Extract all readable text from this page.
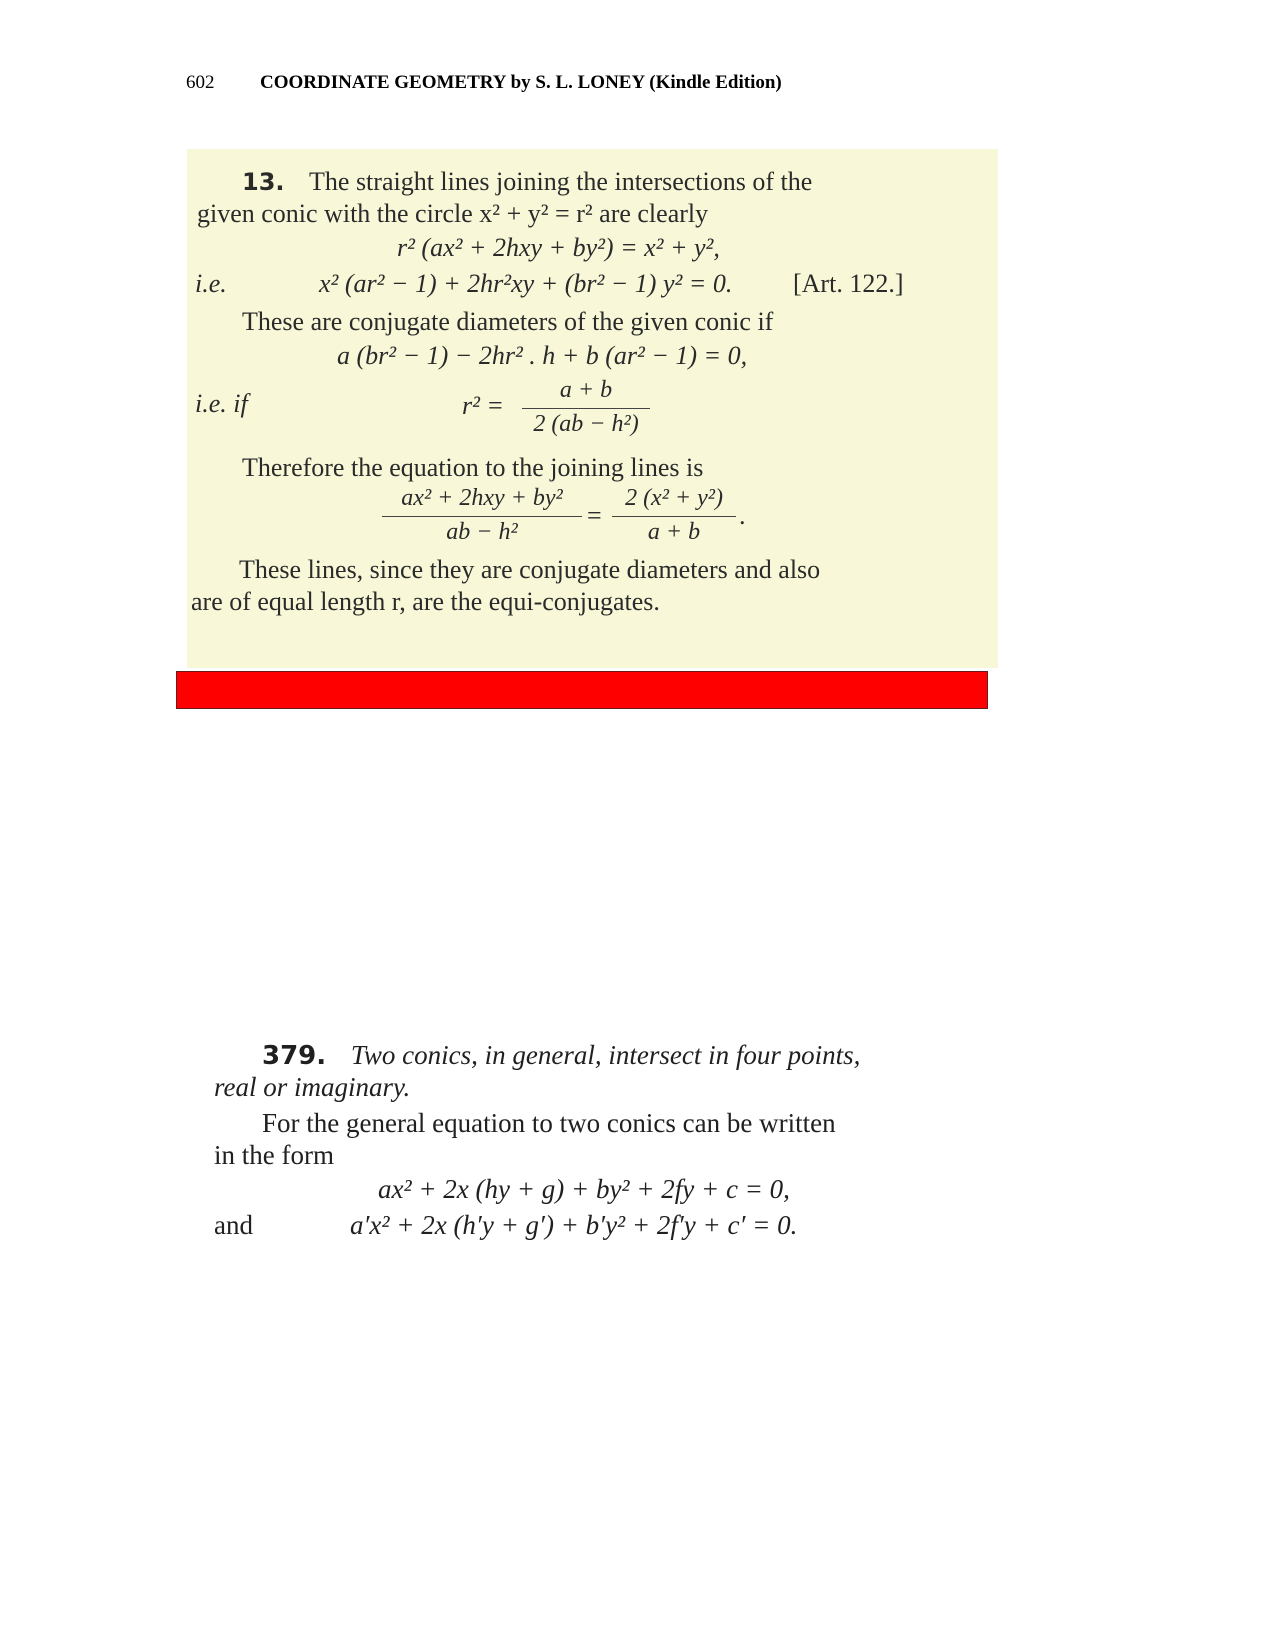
602 COORDINATE GEOMETRY by S. L. LONEY (Kindle Edition)
13. The straight lines joining the intersections of the
given conic with the circle x² + y² = r² are clearly
r² (ax² + 2hxy + by²) = x² + y²,
i.e.	x² (ar² − 1) + 2hr²xy + (br² − 1) y² = 0. [Art. 122.]
These are conjugate diameters of the given conic if
a (br² − 1) − 2hr² . h + b (ar² − 1) = 0,
i.e. if	$r^2 = \frac{a + b}{\text{2 (ab − h²)}}$
Therefore the equation to the joining lines is
ax² + 2hxy + by²
ab − h²
= $\frac{\text{2 (x² + y²)}}{a + b}$ .
These lines, since they are conjugate diameters and also
are of equal length r, are the equi-conjugates.
379. Two conics, in general, intersect in four points,
real or imaginary.
For the general equation to two conics can be written
in the form
ax² + 2x (hy + g) + by² + 2fy + c = 0,
and	a′x² + 2x (h′y + g′) + b′y² + 2f′y + c′ = 0.
